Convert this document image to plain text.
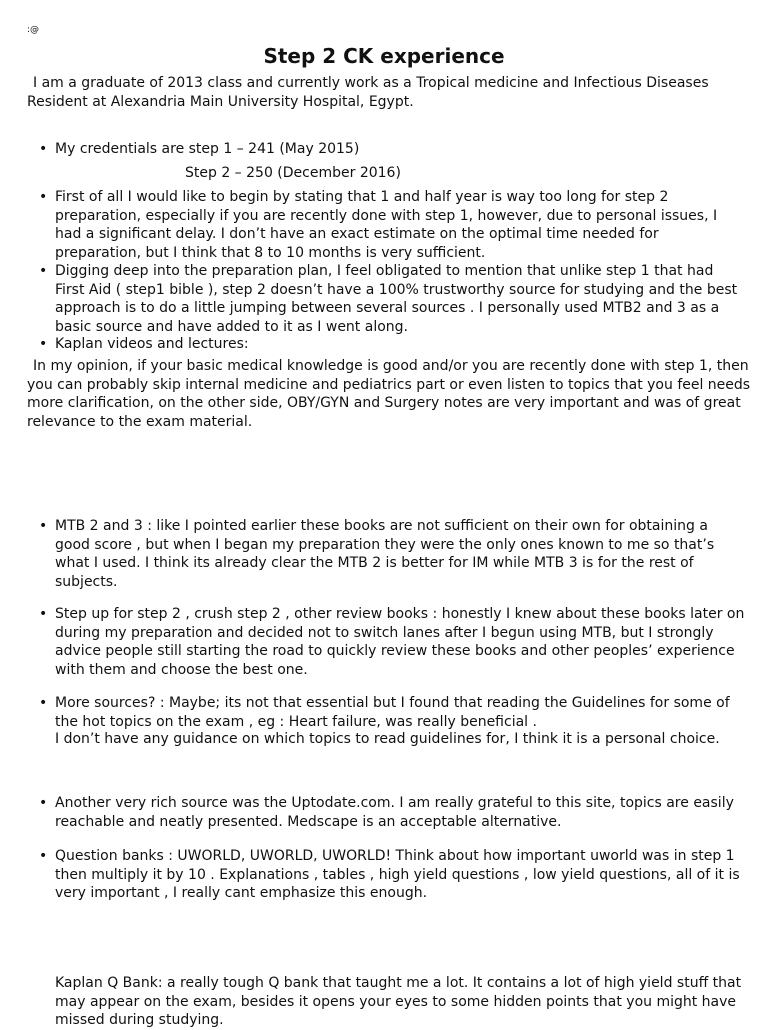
:@
Step 2 CK experience

I am a graduate of 2013 class and currently work as a Tropical medicine and Infectious Diseases Resident at Alexandria Main University Hospital, Egypt.

• My credentials are step 1 – 241 (May 2015)

Step 2 – 250 (December 2016)

• First of all I would like to begin by stating that 1 and half year is way too long for step 2 preparation, especially if you are recently done with step 1, however, due to personal issues, I had a significant delay. I don’t have an exact estimate on the optimal time needed for preparation, but I think that 8 to 10 months is very sufficient.

• Digging deep into the preparation plan, I feel obligated to mention that unlike step 1 that had First Aid ( step1 bible ), step 2 doesn’t have a 100% trustworthy source for studying and the best approach is to do a little jumping between several sources . I personally used MTB2 and 3 as a basic source and have added to it as I went along.

• Kaplan videos and lectures:

In my opinion, if your basic medical knowledge is good and/or you are recently done with step 1, then you can probably skip internal medicine and pediatrics part or even listen to topics that you feel needs more clarification, on the other side, OBY/GYN and Surgery notes are very important and was of great relevance to the exam material.

• MTB 2 and 3 : like I pointed earlier these books are not sufficient on their own for obtaining a good score , but when I began my preparation they were the only ones known to me so that’s what I used. I think its already clear the MTB 2 is better for IM while MTB 3 is for the rest of subjects.

• Step up for step 2 , crush step 2 , other review books : honestly I knew about these books later on during my preparation and decided not to switch lanes after I begun using MTB, but I strongly advice people still starting the road to quickly review these books and other peoples’ experience with them and choose the best one.

• More sources? : Maybe; its not that essential but I found that reading the Guidelines for some of the hot topics on the exam , eg : Heart failure, was really beneficial .

I don’t have any guidance on which topics to read guidelines for, I think it is a personal choice.

• Another very rich source was the Uptodate.com. I am really grateful to this site, topics are easily reachable and neatly presented. Medscape is an acceptable alternative.

• Question banks : UWORLD, UWORLD, UWORLD! Think about how important uworld was in step 1 then multiply it by 10 . Explanations , tables , high yield questions , low yield questions, all of it is very important , I really cant emphasize this enough.

Kaplan Q Bank: a really tough Q bank that taught me a lot. It contains a lot of high yield stuff that may appear on the exam, besides it opens your eyes to some hidden points that you might have missed during studying.
